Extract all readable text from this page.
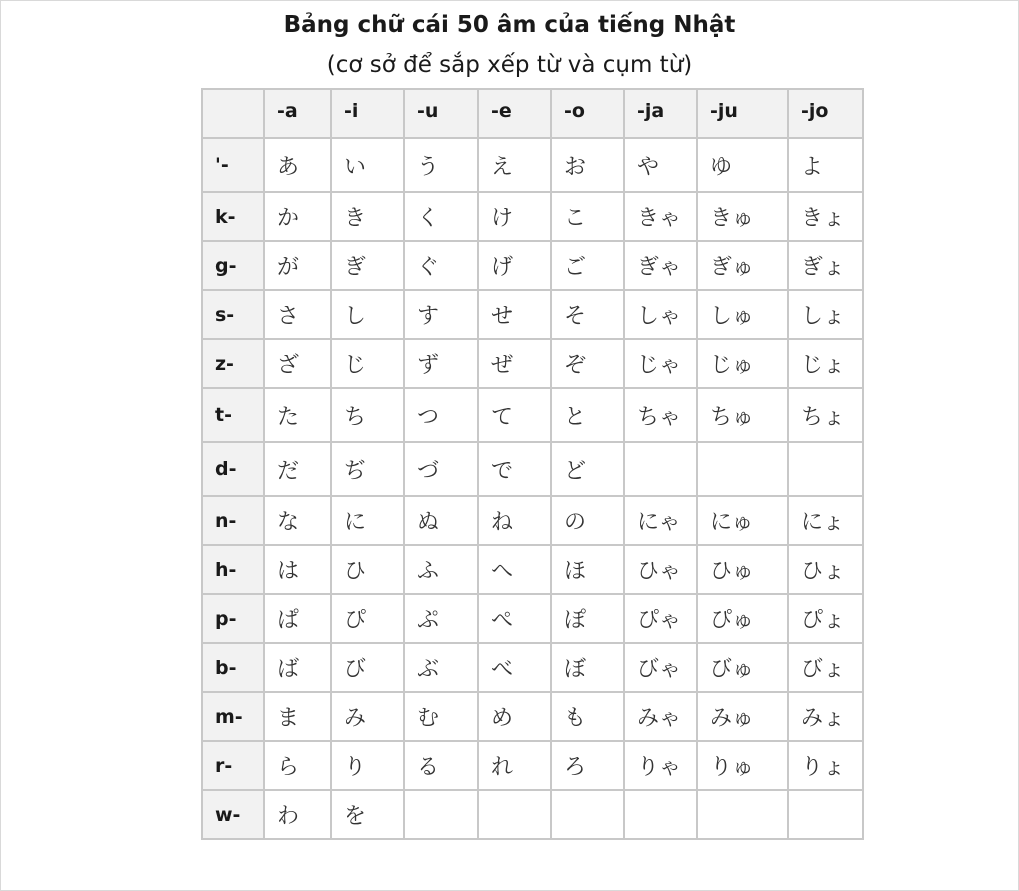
Bảng chữ cái 50 âm của tiếng Nhật
(cơ sở để sắp xếp từ và cụm từ)
	-a	-i	-u	-e	-o	-ja	-ju	-jo
'-	あ	い	う	え	お	や	ゆ	よ
k-	か	き	く	け	こ	きゃ	きゅ	きょ
g-	が	ぎ	ぐ	げ	ご	ぎゃ	ぎゅ	ぎょ
s-	さ	し	す	せ	そ	しゃ	しゅ	しょ
z-	ざ	じ	ず	ぜ	ぞ	じゃ	じゅ	じょ
t-	た	ち	つ	て	と	ちゃ	ちゅ	ちょ
d-	だ	ぢ	づ	で	ど			
n-	な	に	ぬ	ね	の	にゃ	にゅ	にょ
h-	は	ひ	ふ	へ	ほ	ひゃ	ひゅ	ひょ
p-	ぱ	ぴ	ぷ	ぺ	ぽ	ぴゃ	ぴゅ	ぴょ
b-	ば	び	ぶ	べ	ぼ	びゃ	びゅ	びょ
m-	ま	み	む	め	も	みゃ	みゅ	みょ
r-	ら	り	る	れ	ろ	りゃ	りゅ	りょ
w-	わ	を						
